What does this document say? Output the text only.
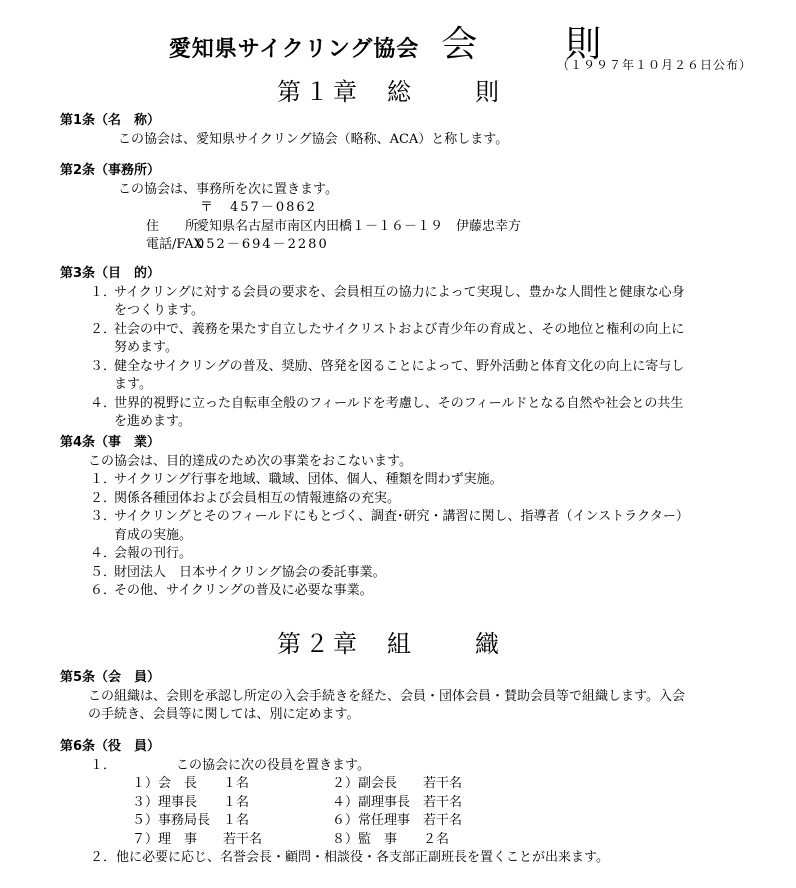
愛知県サイクリング協会 会　則
（１９９７年１０月２６日公布）
第１章 総　則
第1条（名　称）
この協会は、愛知県サイクリング協会（略称、ACA）と称します。
第2条（事務所）
この協会は、事務所を次に置きます。
〒　457－0862
住　　所
愛知県名古屋市南区内田橋１－１６－１９　伊藤忠幸方
電話/FAX
052－694－2280
第3条（目　的）
１．
サイクリングに対する会員の要求を、会員相互の協力によって実現し、豊かな人間性と健康な心身
をつくります。
２．
社会の中で、義務を果たす自立したサイクリストおよび青少年の育成と、その地位と権利の向上に
努めます。
３．
健全なサイクリングの普及、奨励、啓発を図ることによって、野外活動と体育文化の向上に寄与し
ます。
４．
世界的視野に立った自転車全般のフィールドを考慮し、そのフィールドとなる自然や社会との共生
を進めます。
第4条（事　業）
この協会は、目的達成のため次の事業をおこないます。
１．
サイクリング行事を地域、職域、団体、個人、種類を問わず実施。
２．
関係各種団体および会員相互の情報連絡の充実。
３．
サイクリングとそのフィールドにもとづく、調査･研究・講習に関し、指導者（インストラクター）
育成の実施。
４．
会報の刊行。
５．
財団法人　日本サイクリング協会の委託事業。
６．
その他、サイクリングの普及に必要な事業。
第２章 組　織
第5条（会　員）
この組織は、会則を承認し所定の入会手続きを経た、会員・団体会員・賛助会員等で組織します。入会
の手続き、会員等に関しては、別に定めます。
第6条（役　員）
１．	この協会に次の役員を置きます。
１）会　長　　１名	２）副会長　　若干名
３）理事長　　１名	４）副理事長　若干名
５）事務局長　１名	６）常任理事　若干名
７）理　事　　若干名	８）監　事　　２名
２．他に必要に応じ、名誉会長・顧問・相談役・各支部正副班長を置くことが出来ます。
